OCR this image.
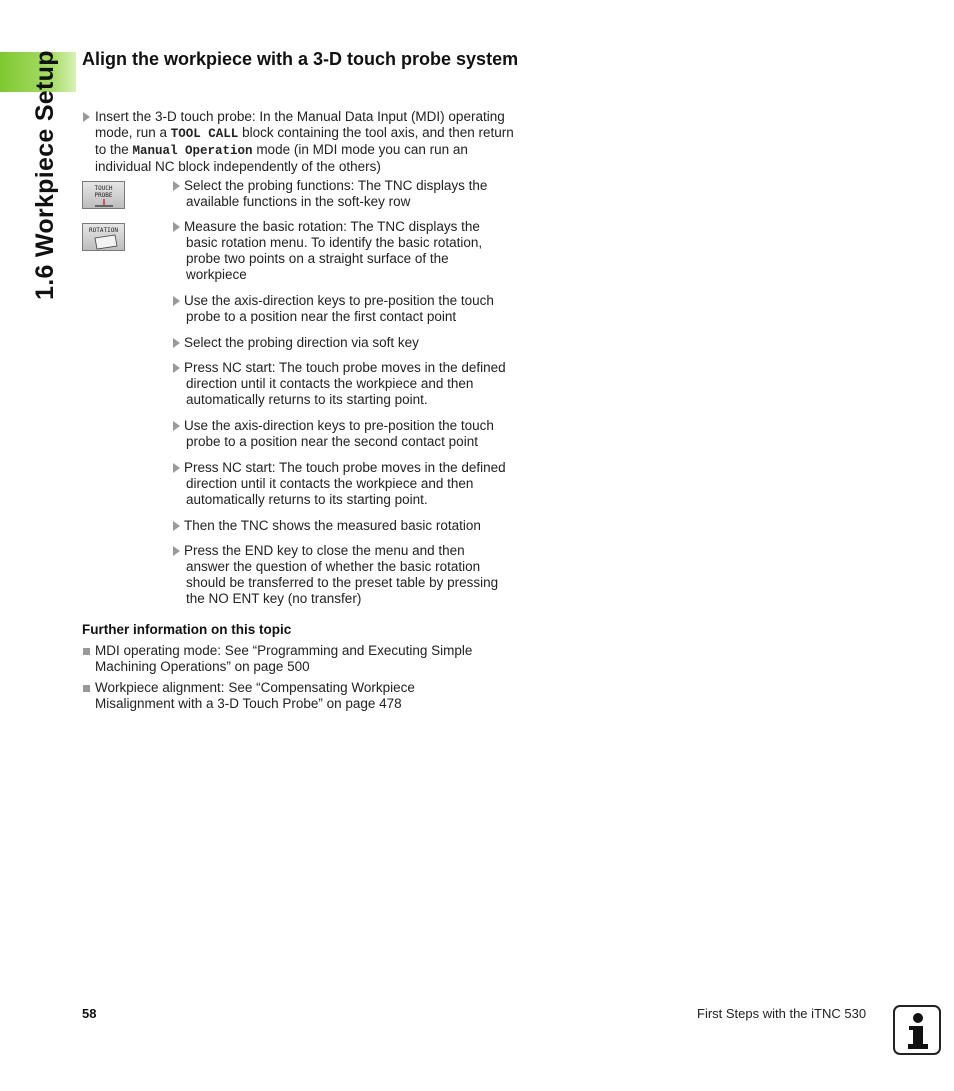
1.6 Workpiece Setup Align the workpiece with a 3-D touch probe system
Insert the 3-D touch probe: In the Manual Data Input (MDI) operating
mode, run a TOOL CALL block containing the tool axis, and then return
to the Manual Operation mode (in MDI mode you can run an
individual NC block independently of the others)
TOUCH
PROBE
ROTATION
Select the probing functions: The TNC displays the
available functions in the soft-key row
Measure the basic rotation: The TNC displays the
basic rotation menu. To identify the basic rotation,
probe two points on a straight surface of the
workpiece
Use the axis-direction keys to pre-position the touch
probe to a position near the first contact point
Select the probing direction via soft key
Press NC start: The touch probe moves in the defined
direction until it contacts the workpiece and then
automatically returns to its starting point.
Use the axis-direction keys to pre-position the touch
probe to a position near the second contact point
Press NC start: The touch probe moves in the defined
direction until it contacts the workpiece and then
automatically returns to its starting point.
Then the TNC shows the measured basic rotation
Press the END key to close the menu and then
answer the question of whether the basic rotation
should be transferred to the preset table by pressing
the NO ENT key (no transfer)
Further information on this topic
MDI operating mode: See “Programming and Executing Simple
Machining Operations” on page 500
Workpiece alignment: See “Compensating Workpiece
Misalignment with a 3-D Touch Probe” on page 478
58	First Steps with the iTNC 530
